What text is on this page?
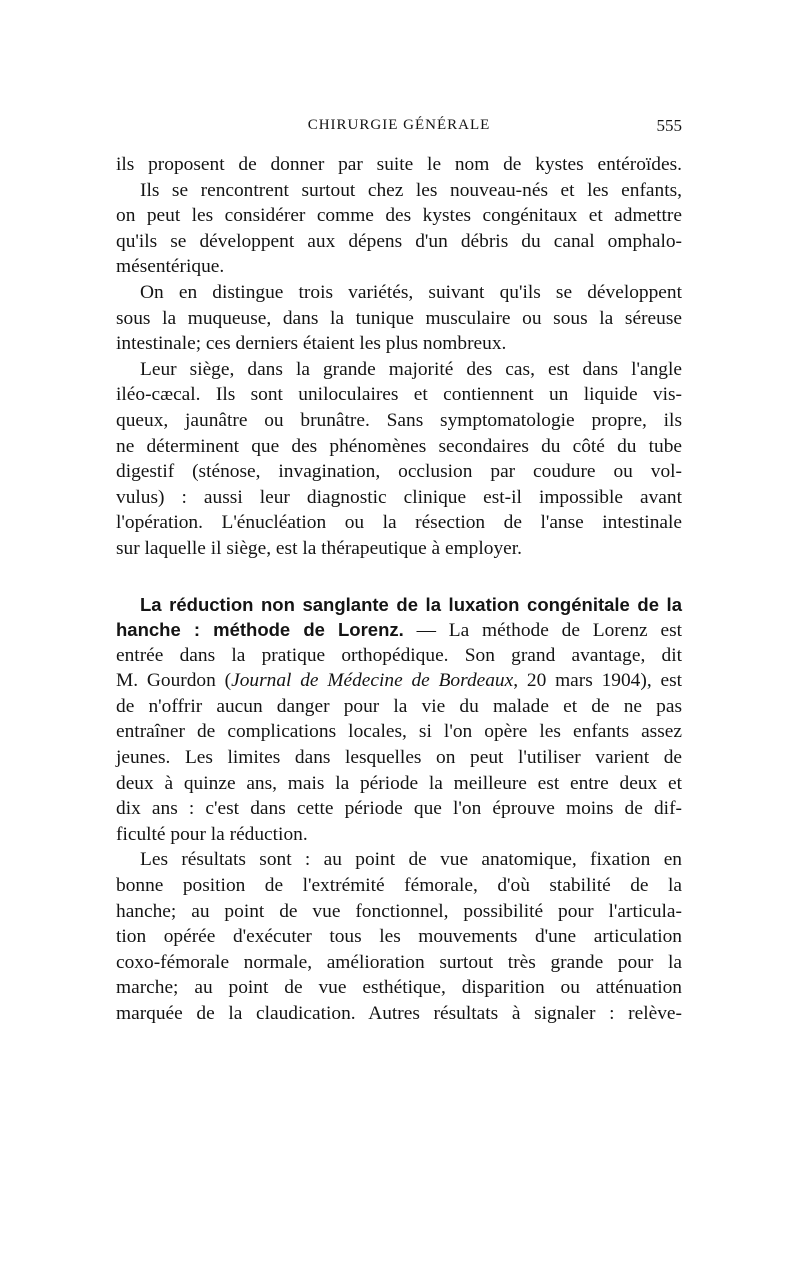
CHIRURGIE GÉNÉRALE	555
ils proposent de donner par suite le nom de kystes entéroïdes.
Ils se rencontrent surtout chez les nouveau-nés et les enfants,
on peut les considérer comme des kystes congénitaux et admettre
qu'ils se développent aux dépens d'un débris du canal omphalo-
mésentérique.
On en distingue trois variétés, suivant qu'ils se développent
sous la muqueuse, dans la tunique musculaire ou sous la séreuse
intestinale; ces derniers étaient les plus nombreux.
Leur siège, dans la grande majorité des cas, est dans l'angle
iléo-cæcal. Ils sont uniloculaires et contiennent un liquide vis-
queux, jaunâtre ou brunâtre. Sans symptomatologie propre, ils
ne déterminent que des phénomènes secondaires du côté du tube
digestif (sténose, invagination, occlusion par coudure ou vol-
vulus) : aussi leur diagnostic clinique est-il impossible avant
l'opération. L'énucléation ou la résection de l'anse intestinale
sur laquelle il siège, est la thérapeutique à employer.
La réduction non sanglante de la luxation congénitale de la
hanche : méthode de Lorenz. — La méthode de Lorenz est
entrée dans la pratique orthopédique. Son grand avantage, dit
M. Gourdon (Journal de Médecine de Bordeaux, 20 mars 1904), est
de n'offrir aucun danger pour la vie du malade et de ne pas
entraîner de complications locales, si l'on opère les enfants assez
jeunes. Les limites dans lesquelles on peut l'utiliser varient de
deux à quinze ans, mais la période la meilleure est entre deux et
dix ans : c'est dans cette période que l'on éprouve moins de dif-
ficulté pour la réduction.
Les résultats sont : au point de vue anatomique, fixation en
bonne position de l'extrémité fémorale, d'où stabilité de la
hanche; au point de vue fonctionnel, possibilité pour l'articula-
tion opérée d'exécuter tous les mouvements d'une articulation
coxo-fémorale normale, amélioration surtout très grande pour la
marche; au point de vue esthétique, disparition ou atténuation
marquée de la claudication. Autres résultats à signaler : relève-
